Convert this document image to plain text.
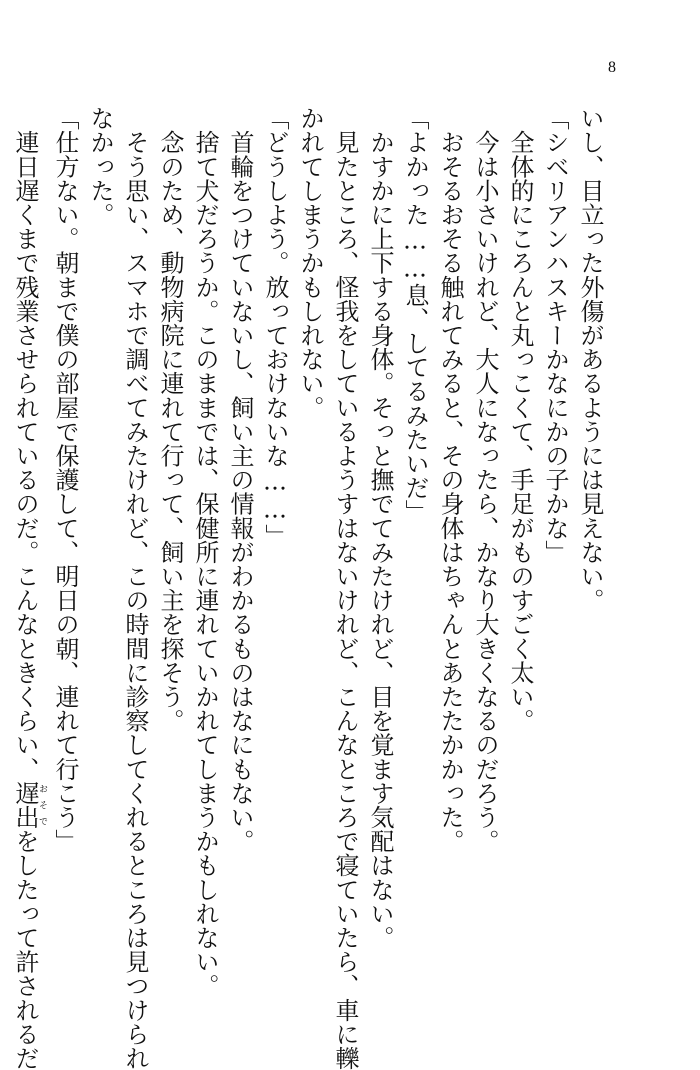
8
いし、目立った外傷があるようには見えない。
「シベリアンハスキーかなにかの子かな」
　全体的にころんと丸っこくて、手足がものすごく太い。
　今は小さいけれど、大人になったら、かなり大きくなるのだろう。
　おそるおそる触れてみると、その身体はちゃんとあたたかかった。
「よかった……息、してるみたいだ」
　かすかに上下する身体。そっと撫でてみたけれど、目を覚ます気配はない。
　見たところ、怪我をしているようすはないけれど、こんなところで寝ていたら、車に轢
かれてしまうかもしれない。
「どうしよう。放っておけないな……」
　首輪をつけていないし、飼い主の情報がわかるものはなにもない。
　捨て犬だろうか。このままでは、保健所に連れていかれてしまうかもしれない。
　念のため、動物病院に連れて行って、飼い主を探そう。
　そう思い、スマホで調べてみたけれど、この時間に診察してくれるところは見つけられ
なかった。
「仕方ない。朝まで僕の部屋で保護して、明日の朝、連れて行こう」
　連日遅くまで残業させられているのだ。こんなときくらい、遅出おそでをしたって許されるだ
